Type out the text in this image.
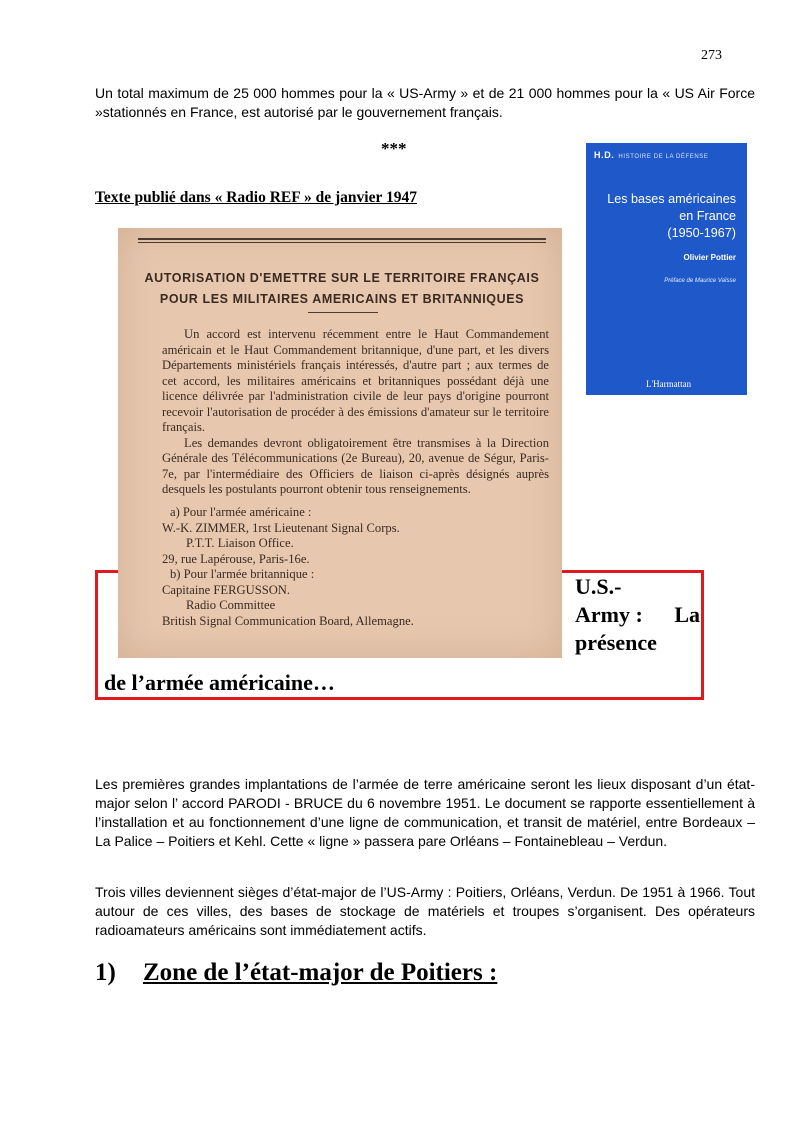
273
Un total maximum de 25 000 hommes pour la « US-Army » et de 21 000 hommes pour la « US Air Force »stationnés en France, est autorisé par le gouvernement français.
***
Texte publié dans « Radio REF » de janvier 1947
H.D. HISTOIRE DE LA DÉFENSE
Les bases américaines
en France
(1950-1967)
Olivier Pottier
Préface de Maurice Vaïsse
L'Harmattan
U.S.-
Army : La
présence
de l’armée américaine…
AUTORISATION D'EMETTRE SUR LE TERRITOIRE FRANÇAIS
POUR LES MILITAIRES AMERICAINS ET BRITANNIQUES

Un accord est intervenu récemment entre le Haut Commandement américain et le Haut Commandement britannique, d'une part, et les divers Départements ministériels français intéressés, d'autre part ; aux termes de cet accord, les militaires américains et britanniques possédant déjà une licence délivrée par l'administration civile de leur pays d'origine pourront recevoir l'autorisation de procéder à des émissions d'amateur sur le territoire français.

Les demandes devront obligatoirement être transmises à la Direction Générale des Télécommunications (2e Bureau), 20, avenue de Ségur, Paris-7e, par l'intermédiaire des Officiers de liaison ci-après désignés auprès desquels les postulants pourront obtenir tous renseignements.

a) Pour l'armée américaine :
W.-K. ZIMMER, 1rst Lieutenant Signal Corps.
P.T.T. Liaison Office.
29, rue Lapérouse, Paris-16e.
b) Pour l'armée britannique :
Capitaine FERGUSSON.
Radio Committee
British Signal Communication Board, Allemagne.
Les premières grandes implantations de l’armée de terre américaine seront les lieux disposant d’un état-major selon l’ accord PARODI - BRUCE du 6 novembre 1951. Le document se rapporte essentiellement à l’installation et au fonctionnement d’une ligne de communication, et transit de matériel, entre Bordeaux – La Palice – Poitiers et Kehl. Cette « ligne » passera pare Orléans – Fontainebleau – Verdun.
Trois villes deviennent sièges d’état-major de l’US-Army : Poitiers, Orléans, Verdun. De 1951 à 1966. Tout autour de ces villes, des bases de stockage de matériels et troupes s’organisent. Des opérateurs radioamateurs américains sont immédiatement actifs.
1) Zone de l’état-major de Poitiers :
